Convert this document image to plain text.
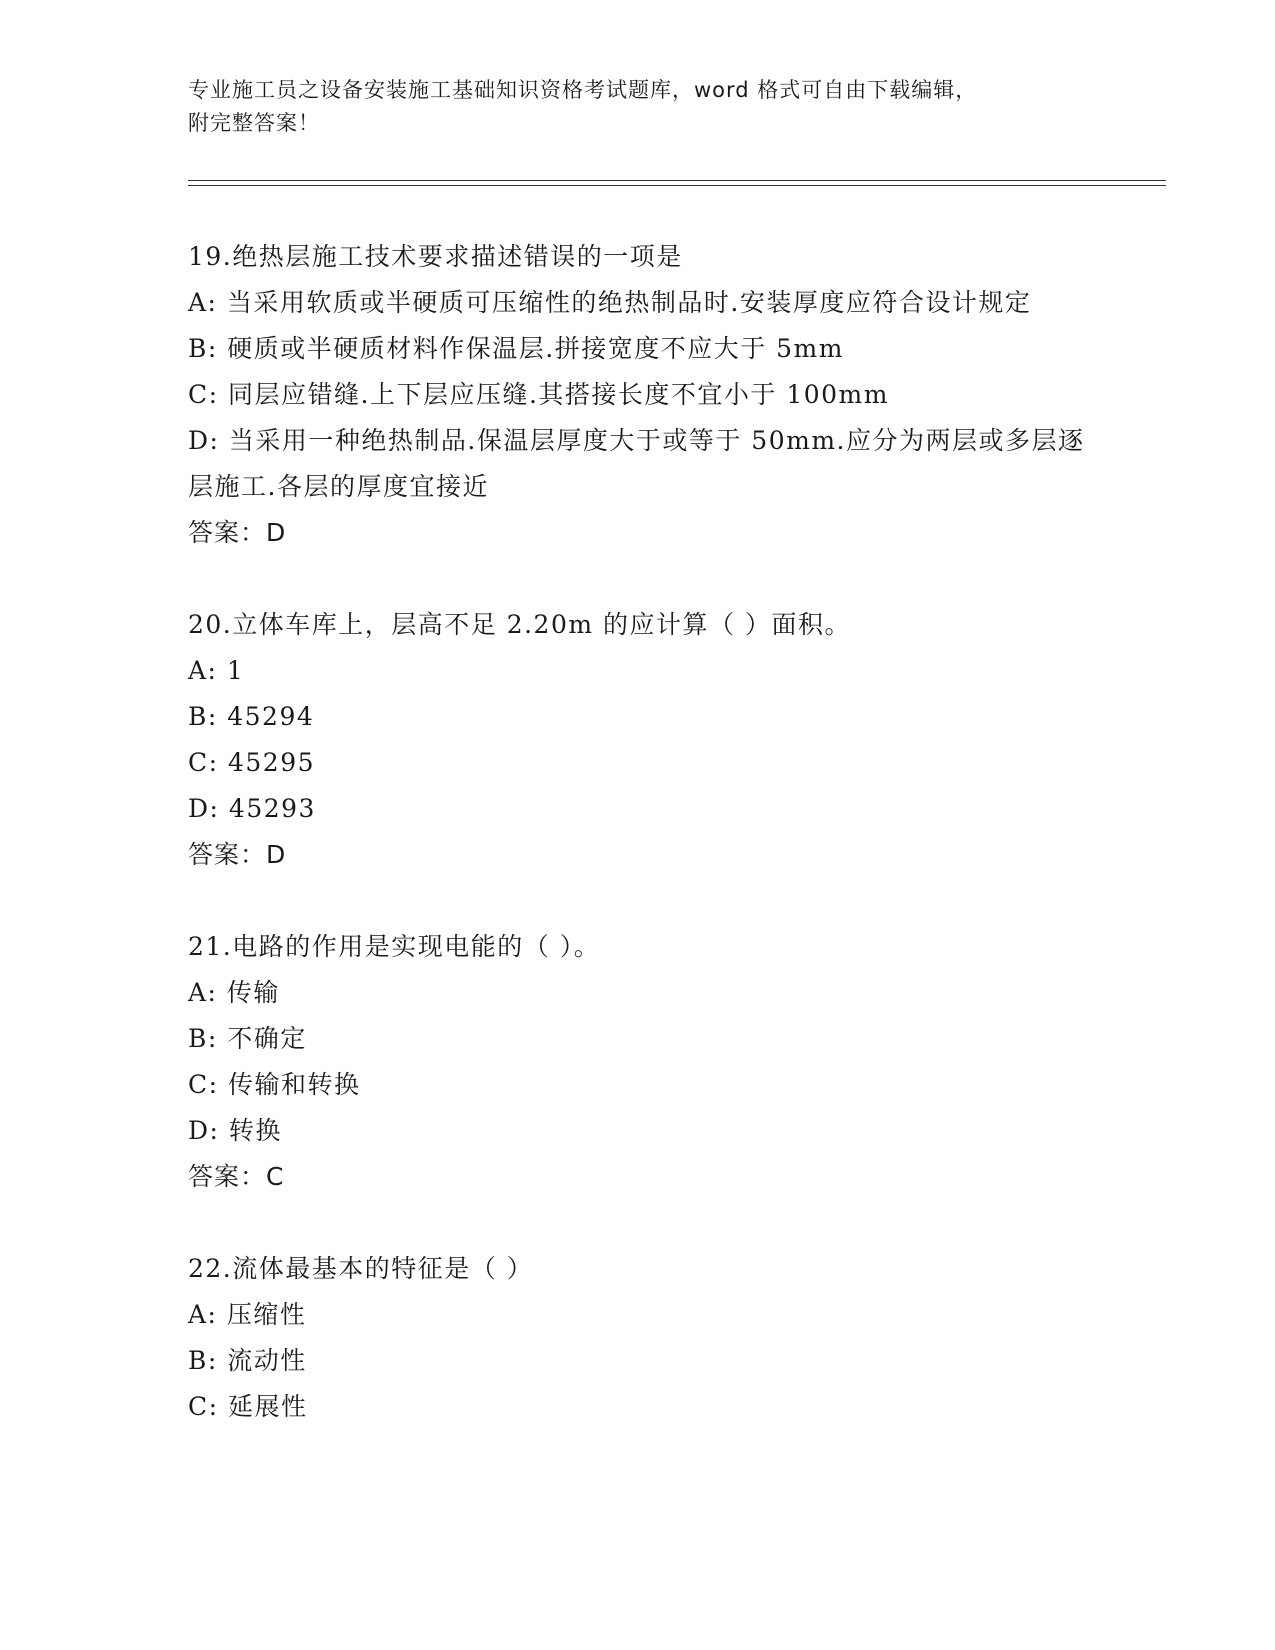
专业施工员之设备安装施工基础知识资格考试题库，word 格式可自由下载编辑，
附完整答案！
19.绝热层施工技术要求描述错误的一项是
A: 当采用软质或半硬质可压缩性的绝热制品时.安装厚度应符合设计规定
B: 硬质或半硬质材料作保温层.拼接宽度不应大于 5mm
C: 同层应错缝.上下层应压缝.其搭接长度不宜小于 100mm
D: 当采用一种绝热制品.保温层厚度大于或等于 50mm.应分为两层或多层逐层施工.各层的厚度宜接近
答案：D
20.立体车库上，层高不足 2.20m 的应计算（ ）面积。
A: 1
B: 45294
C: 45295
D: 45293
答案：D
21.电路的作用是实现电能的（ ）。
A: 传输
B: 不确定
C: 传输和转换
D: 转换
答案：C
22.流体最基本的特征是（ ）
A: 压缩性
B: 流动性
C: 延展性
